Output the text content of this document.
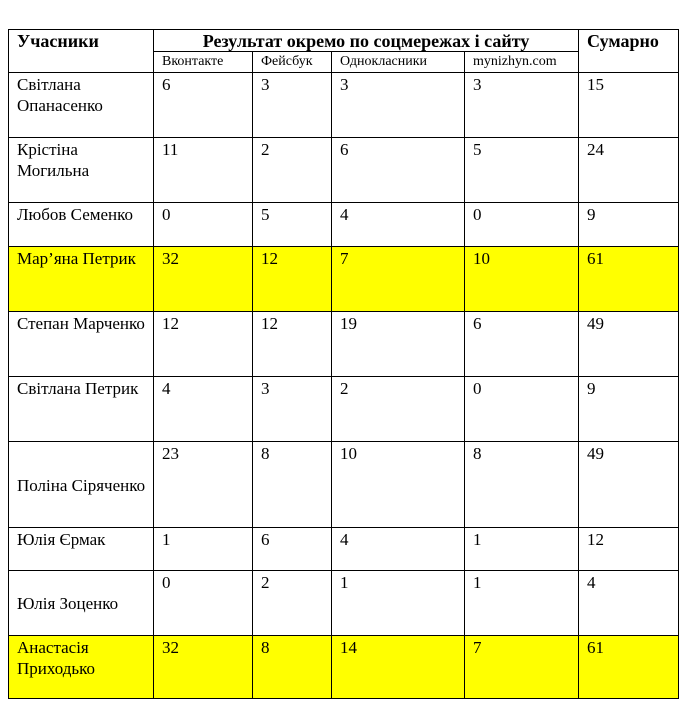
Учасники	Результат окремо по соцмережах і сайту				Сумарно
	Вконтакте	Фейсбук	Однокласники	mynizhyn.com	
Світлана Опанасенко	6	3	3	3	15
Крістіна Могильна	11	2	6	5	24
Любов Семенко	0	5	4	0	9
Мар’яна Петрик	32	12	7	10	61
Степан Марченко	12	12	19	6	49
Світлана Петрик	4	3	2	0	9
Поліна Сіряченко	23	8	10	8	49
Юлія Єрмак	1	6	4	1	12
Юлія Зоценко	0	2	1	1	4
Анастасія Приходько	32	8	14	7	61
